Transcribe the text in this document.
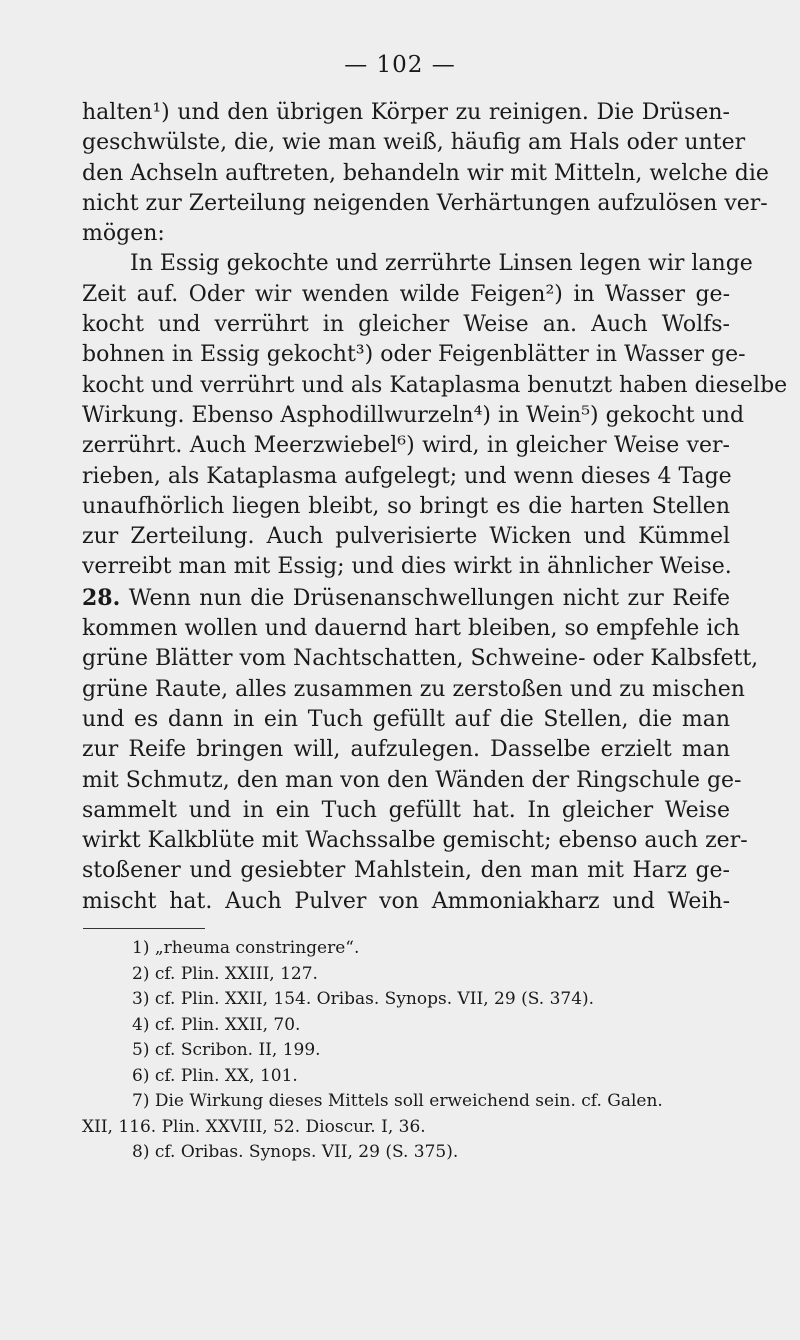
— 102 —
halten¹) und den übrigen Körper zu reinigen. Die Drüsen-
geschwülste, die, wie man weiß, häufig am Hals oder unter
den Achseln auftreten, behandeln wir mit Mitteln, welche die
nicht zur Zerteilung neigenden Verhärtungen aufzulösen ver-
mögen:
In Essig gekochte und zerrührte Linsen legen wir lange
Zeit auf. Oder wir wenden wilde Feigen²) in Wasser ge-
kocht und verrührt in gleicher Weise an. Auch Wolfs-
bohnen in Essig gekocht³) oder Feigenblätter in Wasser ge-
kocht und verrührt und als Kataplasma benutzt haben dieselbe
Wirkung. Ebenso Asphodillwurzeln⁴) in Wein⁵) gekocht und
zerrührt. Auch Meerzwiebel⁶) wird, in gleicher Weise ver-
rieben, als Kataplasma aufgelegt; und wenn dieses 4 Tage
unaufhörlich liegen bleibt, so bringt es die harten Stellen
zur Zerteilung. Auch pulverisierte Wicken und Kümmel
verreibt man mit Essig; und dies wirkt in ähnlicher Weise.
28. Wenn nun die Drüsenanschwellungen nicht zur Reife
kommen wollen und dauernd hart bleiben, so empfehle ich
grüne Blätter vom Nachtschatten, Schweine- oder Kalbsfett,
grüne Raute, alles zusammen zu zerstoßen und zu mischen
und es dann in ein Tuch gefüllt auf die Stellen, die man
zur Reife bringen will, aufzulegen. Dasselbe erzielt man
mit Schmutz, den man von den Wänden der Ringschule ge-
sammelt und in ein Tuch gefüllt hat. In gleicher Weise
wirkt Kalkblüte mit Wachssalbe gemischt; ebenso auch zer-
stoßener und gesiebter Mahlstein, den man mit Harz ge-
mischt hat. Auch Pulver von Ammoniakharz und Weih-
1) „rheuma constringere“.
2) cf. Plin. XXIII, 127.
3) cf. Plin. XXII, 154. Oribas. Synops. VII, 29 (S. 374).
4) cf. Plin. XXII, 70.
5) cf. Scribon. II, 199.
6) cf. Plin. XX, 101.
7) Die Wirkung dieses Mittels soll erweichend sein. cf. Galen.
XII, 116. Plin. XXVIII, 52. Dioscur. I, 36.
8) cf. Oribas. Synops. VII, 29 (S. 375).
